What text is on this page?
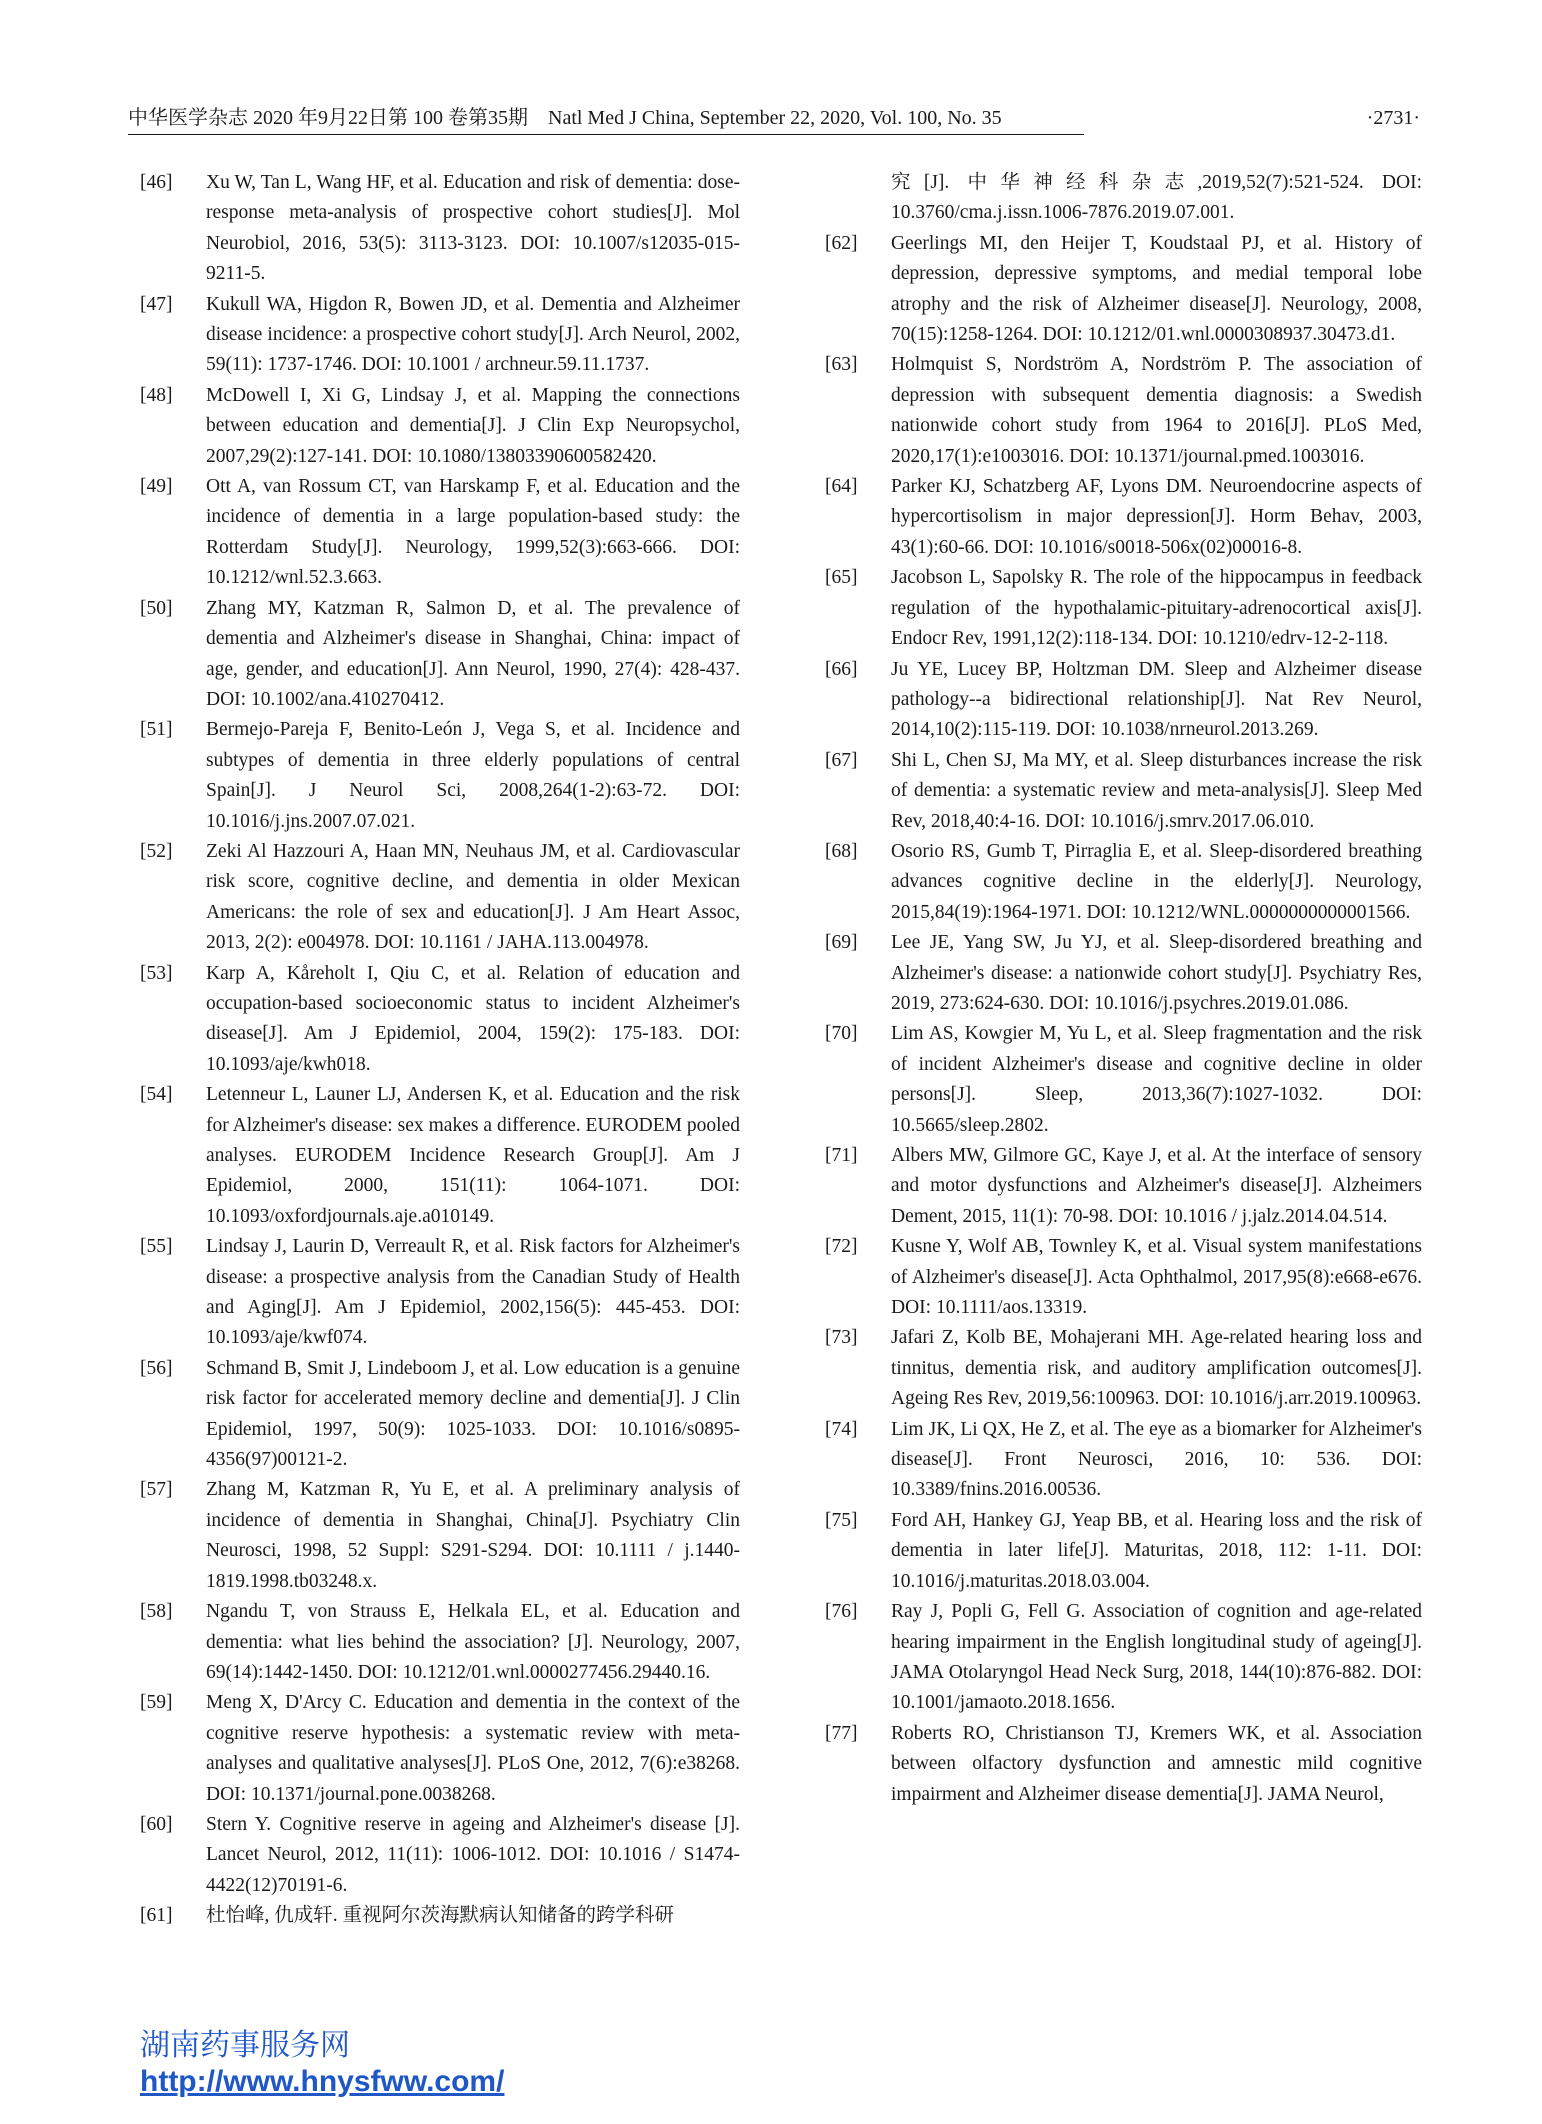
中华医学杂志 2020 年9月22日第 100 卷第35期　Natl Med J China, September 22, 2020, Vol. 100, No. 35	·2731·
[46] Xu W, Tan L, Wang HF, et al. Education and risk of dementia: dose-response meta-analysis of prospective cohort studies[J]. Mol Neurobiol, 2016, 53(5): 3113-3123. DOI: 10.1007/s12035-015-9211-5.
[47] Kukull WA, Higdon R, Bowen JD, et al. Dementia and Alzheimer disease incidence: a prospective cohort study[J]. Arch Neurol, 2002, 59(11): 1737-1746. DOI: 10.1001 / archneur.59.11.1737.
[48] McDowell I, Xi G, Lindsay J, et al. Mapping the connections between education and dementia[J]. J Clin Exp Neuropsychol, 2007,29(2):127-141. DOI: 10.1080/13803390600582420.
[49] Ott A, van Rossum CT, van Harskamp F, et al. Education and the incidence of dementia in a large population-based study: the Rotterdam Study[J]. Neurology, 1999,52(3):663-666. DOI: 10.1212/wnl.52.3.663.
[50] Zhang MY, Katzman R, Salmon D, et al. The prevalence of dementia and Alzheimer's disease in Shanghai, China: impact of age, gender, and education[J]. Ann Neurol, 1990, 27(4): 428-437. DOI: 10.1002/ana.410270412.
[51] Bermejo-Pareja F, Benito-León J, Vega S, et al. Incidence and subtypes of dementia in three elderly populations of central Spain[J]. J Neurol Sci, 2008,264(1-2):63-72. DOI: 10.1016/j.jns.2007.07.021.
[52] Zeki Al Hazzouri A, Haan MN, Neuhaus JM, et al. Cardiovascular risk score, cognitive decline, and dementia in older Mexican Americans: the role of sex and education[J]. J Am Heart Assoc, 2013, 2(2): e004978. DOI: 10.1161 / JAHA.113.004978.
[53] Karp A, Kåreholt I, Qiu C, et al. Relation of education and occupation-based socioeconomic status to incident Alzheimer's disease[J]. Am J Epidemiol, 2004, 159(2): 175-183. DOI: 10.1093/aje/kwh018.
[54] Letenneur L, Launer LJ, Andersen K, et al. Education and the risk for Alzheimer's disease: sex makes a difference. EURODEM pooled analyses. EURODEM Incidence Research Group[J]. Am J Epidemiol, 2000, 151(11): 1064-1071. DOI: 10.1093/oxfordjournals.aje.a010149.
[55] Lindsay J, Laurin D, Verreault R, et al. Risk factors for Alzheimer's disease: a prospective analysis from the Canadian Study of Health and Aging[J]. Am J Epidemiol, 2002,156(5): 445-453. DOI: 10.1093/aje/kwf074.
[56] Schmand B, Smit J, Lindeboom J, et al. Low education is a genuine risk factor for accelerated memory decline and dementia[J]. J Clin Epidemiol, 1997, 50(9): 1025-1033. DOI: 10.1016/s0895-4356(97)00121-2.
[57] Zhang M, Katzman R, Yu E, et al. A preliminary analysis of incidence of dementia in Shanghai, China[J]. Psychiatry Clin Neurosci, 1998, 52 Suppl: S291-S294. DOI: 10.1111 / j.1440-1819.1998.tb03248.x.
[58] Ngandu T, von Strauss E, Helkala EL, et al. Education and dementia: what lies behind the association? [J]. Neurology, 2007, 69(14):1442-1450. DOI: 10.1212/01.wnl.0000277456.29440.16.
[59] Meng X, D'Arcy C. Education and dementia in the context of the cognitive reserve hypothesis: a systematic review with meta-analyses and qualitative analyses[J]. PLoS One, 2012, 7(6):e38268. DOI: 10.1371/journal.pone.0038268.
[60] Stern Y. Cognitive reserve in ageing and Alzheimer's disease [J]. Lancet Neurol, 2012, 11(11): 1006-1012. DOI: 10.1016 / S1474-4422(12)70191-6.
[61] 杜怡峰, 仇成轩. 重视阿尔茨海默病认知储备的跨学科研
究[J]. 中华神经科杂志,2019,52(7):521-524. DOI: 10.3760/cma.j.issn.1006-7876.2019.07.001.
[62] Geerlings MI, den Heijer T, Koudstaal PJ, et al. History of depression, depressive symptoms, and medial temporal lobe atrophy and the risk of Alzheimer disease[J]. Neurology, 2008, 70(15):1258-1264. DOI: 10.1212/01.wnl.0000308937.30473.d1.
[63] Holmquist S, Nordström A, Nordström P. The association of depression with subsequent dementia diagnosis: a Swedish nationwide cohort study from 1964 to 2016[J]. PLoS Med, 2020,17(1):e1003016. DOI: 10.1371/journal.pmed.1003016.
[64] Parker KJ, Schatzberg AF, Lyons DM. Neuroendocrine aspects of hypercortisolism in major depression[J]. Horm Behav, 2003, 43(1):60-66. DOI: 10.1016/s0018-506x(02)00016-8.
[65] Jacobson L, Sapolsky R. The role of the hippocampus in feedback regulation of the hypothalamic-pituitary-adrenocortical axis[J]. Endocr Rev, 1991,12(2):118-134. DOI: 10.1210/edrv-12-2-118.
[66] Ju YE, Lucey BP, Holtzman DM. Sleep and Alzheimer disease pathology--a bidirectional relationship[J]. Nat Rev Neurol, 2014,10(2):115-119. DOI: 10.1038/nrneurol.2013.269.
[67] Shi L, Chen SJ, Ma MY, et al. Sleep disturbances increase the risk of dementia: a systematic review and meta-analysis[J]. Sleep Med Rev, 2018,40:4-16. DOI: 10.1016/j.smrv.2017.06.010.
[68] Osorio RS, Gumb T, Pirraglia E, et al. Sleep-disordered breathing advances cognitive decline in the elderly[J]. Neurology, 2015,84(19):1964-1971. DOI: 10.1212/WNL.0000000000001566.
[69] Lee JE, Yang SW, Ju YJ, et al. Sleep-disordered breathing and Alzheimer's disease: a nationwide cohort study[J]. Psychiatry Res, 2019, 273:624-630. DOI: 10.1016/j.psychres.2019.01.086.
[70] Lim AS, Kowgier M, Yu L, et al. Sleep fragmentation and the risk of incident Alzheimer's disease and cognitive decline in older persons[J]. Sleep, 2013,36(7):1027-1032. DOI: 10.5665/sleep.2802.
[71] Albers MW, Gilmore GC, Kaye J, et al. At the interface of sensory and motor dysfunctions and Alzheimer's disease[J]. Alzheimers Dement, 2015, 11(1): 70-98. DOI: 10.1016 / j.jalz.2014.04.514.
[72] Kusne Y, Wolf AB, Townley K, et al. Visual system manifestations of Alzheimer's disease[J]. Acta Ophthalmol, 2017,95(8):e668-e676. DOI: 10.1111/aos.13319.
[73] Jafari Z, Kolb BE, Mohajerani MH. Age-related hearing loss and tinnitus, dementia risk, and auditory amplification outcomes[J]. Ageing Res Rev, 2019,56:100963. DOI: 10.1016/j.arr.2019.100963.
[74] Lim JK, Li QX, He Z, et al. The eye as a biomarker for Alzheimer's disease[J]. Front Neurosci, 2016, 10: 536. DOI: 10.3389/fnins.2016.00536.
[75] Ford AH, Hankey GJ, Yeap BB, et al. Hearing loss and the risk of dementia in later life[J]. Maturitas, 2018, 112: 1-11. DOI: 10.1016/j.maturitas.2018.03.004.
[76] Ray J, Popli G, Fell G. Association of cognition and age-related hearing impairment in the English longitudinal study of ageing[J]. JAMA Otolaryngol Head Neck Surg, 2018, 144(10):876-882. DOI: 10.1001/jamaoto.2018.1656.
[77] Roberts RO, Christianson TJ, Kremers WK, et al. Association between olfactory dysfunction and amnestic mild cognitive impairment and Alzheimer disease dementia[J]. JAMA Neurol,
湖南药事服务网
http://www.hnysfww.com/
